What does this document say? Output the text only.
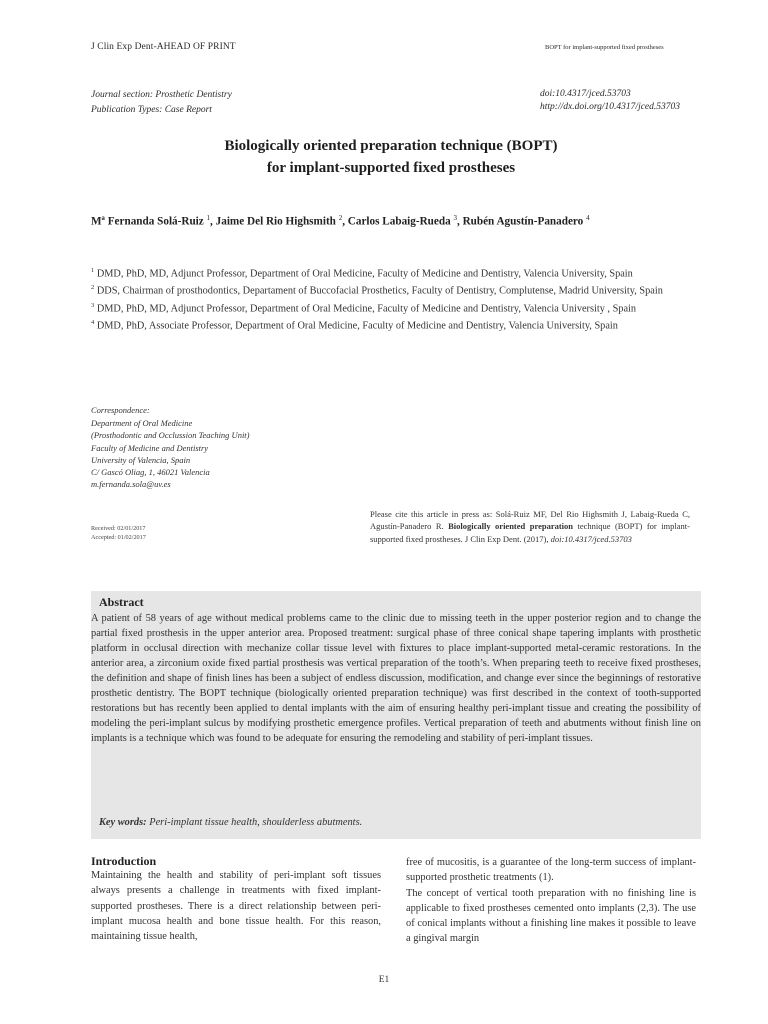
J Clin Exp Dent-AHEAD OF PRINT	BOPT for implant-supported fixed prostheses
Journal section: Prosthetic Dentistry
Publication Types: Case Report
doi:10.4317/jced.53703
http://dx.doi.org/10.4317/jced.53703
Biologically oriented preparation technique (BOPT)
for implant-supported fixed prostheses
Mª Fernanda Solá-Ruiz $^1$, Jaime Del Rio Highsmith $^2$, Carlos Labaig-Rueda $^3$, Rubén Agustín-Panadero $^4$

$^1$ DMD, PhD, MD, Adjunct Professor, Department of Oral Medicine, Faculty of Medicine and Dentistry, Valencia University, Spain

$^2$ DDS, Chairman of prosthodontics, Departament of Buccofacial Prosthetics, Faculty of Dentistry, Complutense, Madrid University, Spain

$^3$ DMD, PhD, MD, Adjunct Professor, Department of Oral Medicine, Faculty of Medicine and Dentistry, Valencia University , Spain

$^4$ DMD, PhD, Associate Professor, Department of Oral Medicine, Faculty of Medicine and Dentistry, Valencia University, Spain

Correspondence:
Department of Oral Medicine
(Prosthodontic and Occlussion Teaching Unit)
Faculty of Medicine and Dentistry
University of Valencia, Spain
C/ Gascó Oliag, 1, 46021 Valencia
m.fernanda.sola@uv.es
Received: 02/01/2017
Accepted: 01/02/2017
Please cite this article in press as: Solá-Ruiz MF, Del Rio Highsmith J, Labaig-Rueda C, Agustín-Panadero R. Biologically oriented preparation technique (BOPT) for implant-supported fixed prostheses. J Clin Exp Dent. (2017), doi:10.4317/jced.53703
Abstract
A patient of 58 years of age without medical problems came to the clinic due to missing teeth in the upper posterior region and to change the partial fixed prosthesis in the upper anterior area. Proposed treatment: surgical phase of three conical shape tapering implants with prosthetic platform in occlusal direction with mechanize collar tissue level with fixtures to place implant-supported metal-ceramic restorations. In the anterior area, a zirconium oxide fixed partial prosthesis was vertical preparation of the tooth’s. When preparing teeth to receive fixed prostheses, the definition and shape of finish lines has been a subject of endless discussion, modification, and change ever since the beginnings of restorative prosthetic dentistry. The BOPT technique (biologically oriented preparation technique) was first described in the context of tooth-supported restorations but has recently been applied to dental implants with the aim of ensuring healthy peri-implant tissue and creating the possibility of modeling the peri-implant sulcus by modifying prosthetic emergence profiles. Vertical preparation of teeth and abutments without finish line on implants is a technique which was found to be adequate for ensuring the remodeling and stability of peri-implant tissues.
Key words: Peri-implant tissue health, shoulderless abutments.
Introduction
Maintaining the health and stability of peri-implant soft tissues always presents a challenge in treatments with fixed implant-supported prostheses. There is a direct relationship between peri-implant mucosa health and bone tissue health. For this reason, maintaining tissue health,

free of mucositis, is a guarantee of the long-term success of implant-supported prosthetic treatments (1).

The concept of vertical tooth preparation with no finishing line is applicable to fixed prostheses cemented onto implants (2,3). The use of conical implants without a finishing line makes it possible to leave a gingival margin

E1
